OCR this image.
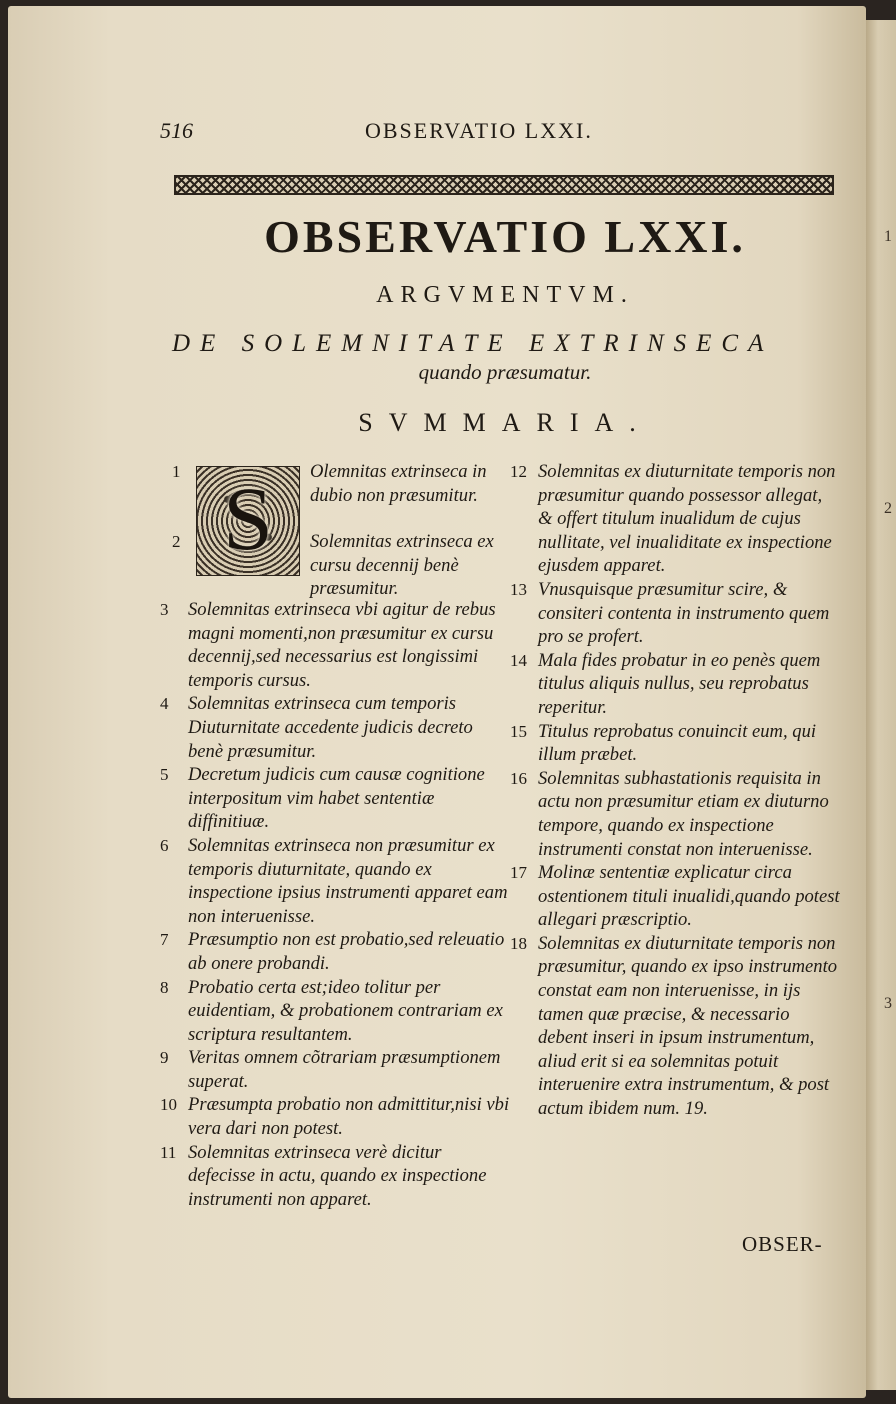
1
2
3
516	OBSERVATIO LXXI.
OBSERVATIO LXXI.
ARGVMENTVM.
DE SOLEMNITATE EXTRINSECA
quando præsumatur.
SVMMARIA.
S
1	Olemnitas extrinseca in dubio non præsumitur.
2	Solemnitas extrinseca ex cursu decennij benè præsumitur.

3 Solemnitas extrinseca vbi agitur de rebus magni momenti,non præsumitur ex cursu decennij,sed necessarius est longissimi temporis cursus.

4 Solemnitas extrinseca cum temporis Diuturnitate accedente judicis decreto benè præsumitur.

5 Decretum judicis cum causæ cognitione interpositum vim habet sententiæ diffinitiuæ.

6 Solemnitas extrinseca non præsumitur ex temporis diuturnitate, quando ex inspectione ipsius instrumenti apparet eam non interuenisse.

7 Præsumptio non est probatio,sed releuatio ab onere probandi.

8 Probatio certa est;ideo tolitur per euidentiam, & probationem contrariam ex scriptura resultantem.

9 Veritas omnem cõtrariam præsumptionem superat.

10 Præsumpta probatio non admittitur,nisi vbi vera dari non potest.

11 Solemnitas extrinseca verè dicitur defecisse in actu, quando ex inspectione instrumenti non apparet.

12 Solemnitas ex diuturnitate temporis non præsumitur quando possessor allegat, & offert titulum inualidum de cujus nullitate, vel inualiditate ex inspectione ejusdem apparet.

13 Vnusquisque præsumitur scire, & consiteri contenta in instrumento quem pro se profert.

14 Mala fides probatur in eo penès quem titulus aliquis nullus, seu reprobatus reperitur.

15 Titulus reprobatus conuincit eum, qui illum præbet.

16 Solemnitas subhastationis requisita in actu non præsumitur etiam ex diuturno tempore, quando ex inspectione instrumenti constat non interuenisse.

17 Molinæ sententiæ explicatur circa ostentionem tituli inualidi,quando potest allegari præscriptio.

18 Solemnitas ex diuturnitate temporis non præsumitur, quando ex ipso instrumento constat eam non interuenisse, in ijs tamen quæ præcise, & necessario debent inseri in ipsum instrumentum, aliud erit si ea solemnitas potuit interuenire extra instrumentum, & post actum ibidem num. 19.

OBSER-
